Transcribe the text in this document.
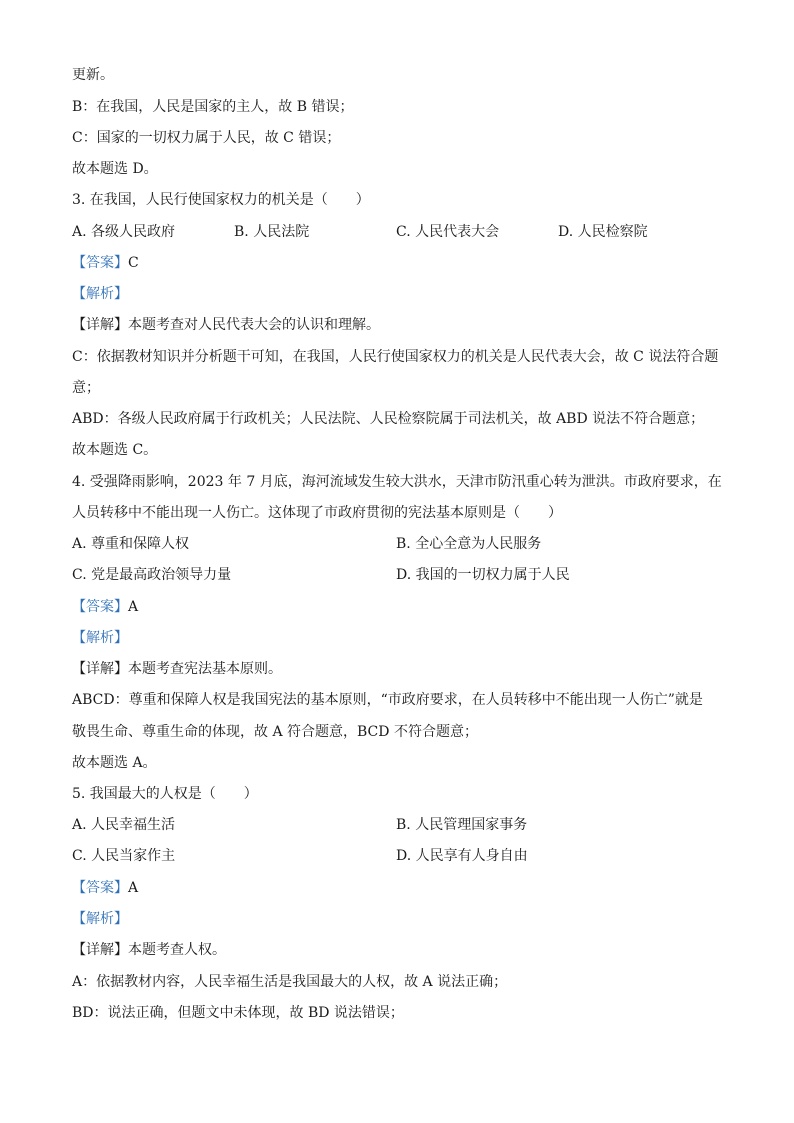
更新。
B：在我国，人民是国家的主人，故 B 错误；
C：国家的一切权力属于人民，故 C 错误；
故本题选 D。
3. 在我国，人民行使国家权力的机关是（　　）
A. 各级人民政府	B. 人民法院	C. 人民代表大会	D. 人民检察院
【答案】C
【解析】
【详解】本题考查对人民代表大会的认识和理解。
C：依据教材知识并分析题干可知，在我国，人民行使国家权力的机关是人民代表大会，故 C 说法符合题
意；
ABD：各级人民政府属于行政机关；人民法院、人民检察院属于司法机关，故 ABD 说法不符合题意；
故本题选 C。
4. 受强降雨影响，2023 年 7 月底，海河流域发生较大洪水，天津市防汛重心转为泄洪。市政府要求，在
人员转移中不能出现一人伤亡。这体现了市政府贯彻的宪法基本原则是（　　）
A. 尊重和保障人权	B. 全心全意为人民服务
C. 党是最高政治领导力量	D. 我国的一切权力属于人民
【答案】A
【解析】
【详解】本题考查宪法基本原则。
ABCD：尊重和保障人权是我国宪法的基本原则，“市政府要求，在人员转移中不能出现一人伤亡”就是
敬畏生命、尊重生命的体现，故 A 符合题意，BCD 不符合题意；
故本题选 A。
5. 我国最大的人权是（　　）
A. 人民幸福生活	B. 人民管理国家事务
C. 人民当家作主	D. 人民享有人身自由
【答案】A
【解析】
【详解】本题考查人权。
A：依据教材内容，人民幸福生活是我国最大的人权，故 A 说法正确；
BD：说法正确，但题文中未体现，故 BD 说法错误；
